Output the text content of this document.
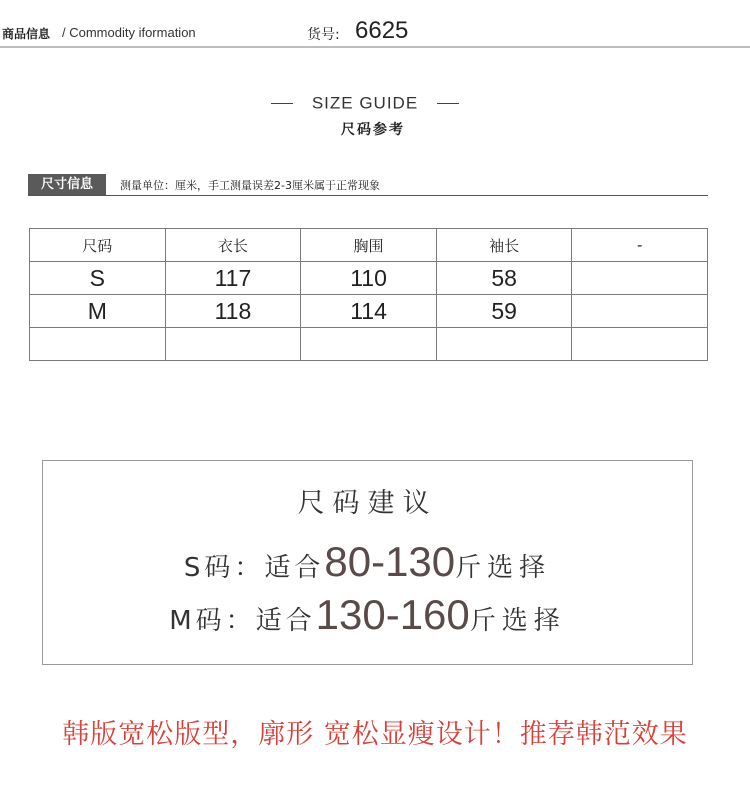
商品信息 / Commodity iformation	货号: 6625
SIZE GUIDE
尺码参考
尺寸信息	测量单位：厘米，手工测量误差2-3厘米属于正常现象
尺码	衣长	胸围	袖长	-
S	117	110	58	
M	118	114	59	

尺码建议
S码：适合80-130斤选择
M码：适合130-160斤选择
韩版宽松版型，廓形 宽松显瘦设计！推荐韩范效果
